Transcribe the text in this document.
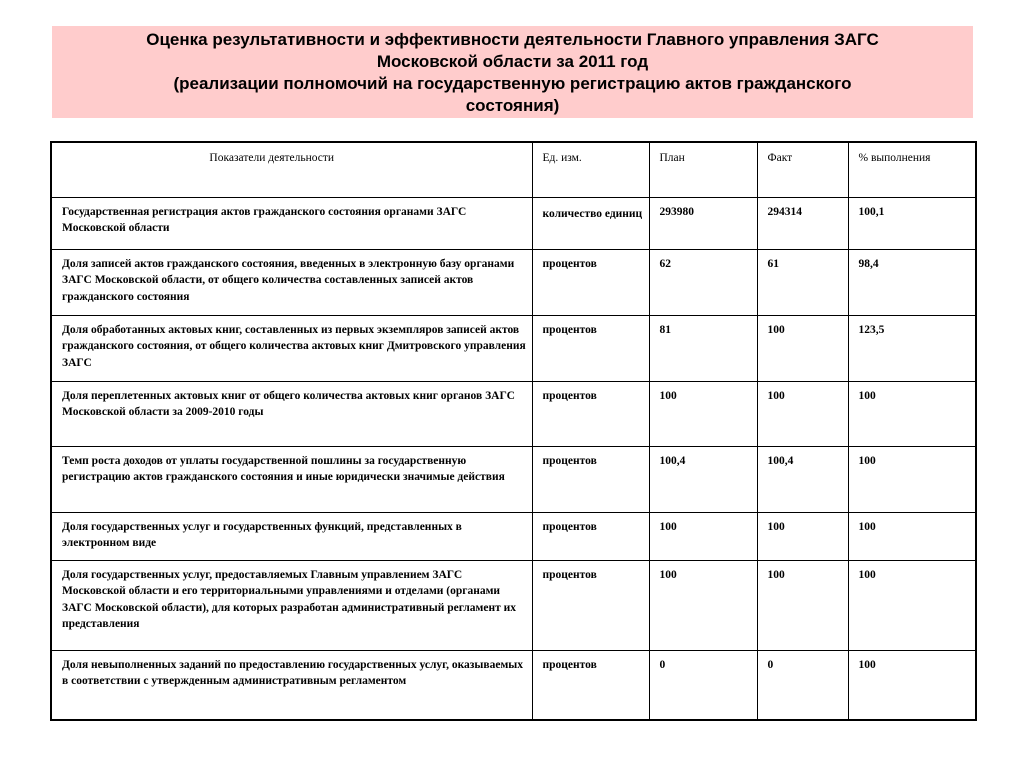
Оценка результативности и эффективности деятельности Главного управления ЗАГС
Московской области за 2011 год
(реализации полномочий на государственную регистрацию актов гражданского
состояния)
Показатели деятельности	Ед. изм.	План	Факт	% выполнения
Государственная регистрация актов гражданского состояния органами ЗАГС Московской области	количество единиц	293980	294314	100,1
Доля записей актов гражданского состояния, введенных в электронную базу органами ЗАГС Московской области, от общего количества составленных записей актов гражданского состояния	процентов	62	61	98,4
Доля обработанных актовых книг, составленных из первых экземпляров записей актов гражданского состояния, от общего количества актовых книг Дмитровского управления ЗАГС	процентов	81	100	123,5
Доля переплетенных актовых книг от общего количества актовых книг органов ЗАГС Московской области за 2009-2010 годы	процентов	100	100	100
Темп роста доходов от уплаты государственной пошлины за государственную регистрацию актов гражданского состояния и иные юридически значимые действия	процентов	100,4	100,4	100
Доля государственных услуг и государственных функций, представленных в электронном виде	процентов	100	100	100
Доля государственных услуг, предоставляемых Главным управлением ЗАГС Московской области и его территориальными управлениями и отделами (органами ЗАГС Московской области), для которых разработан административный регламент их представления	процентов	100	100	100
Доля невыполненных заданий по предоставлению государственных услуг, оказываемых в соответствии с утвержденным административным регламентом	процентов	0	0	100
